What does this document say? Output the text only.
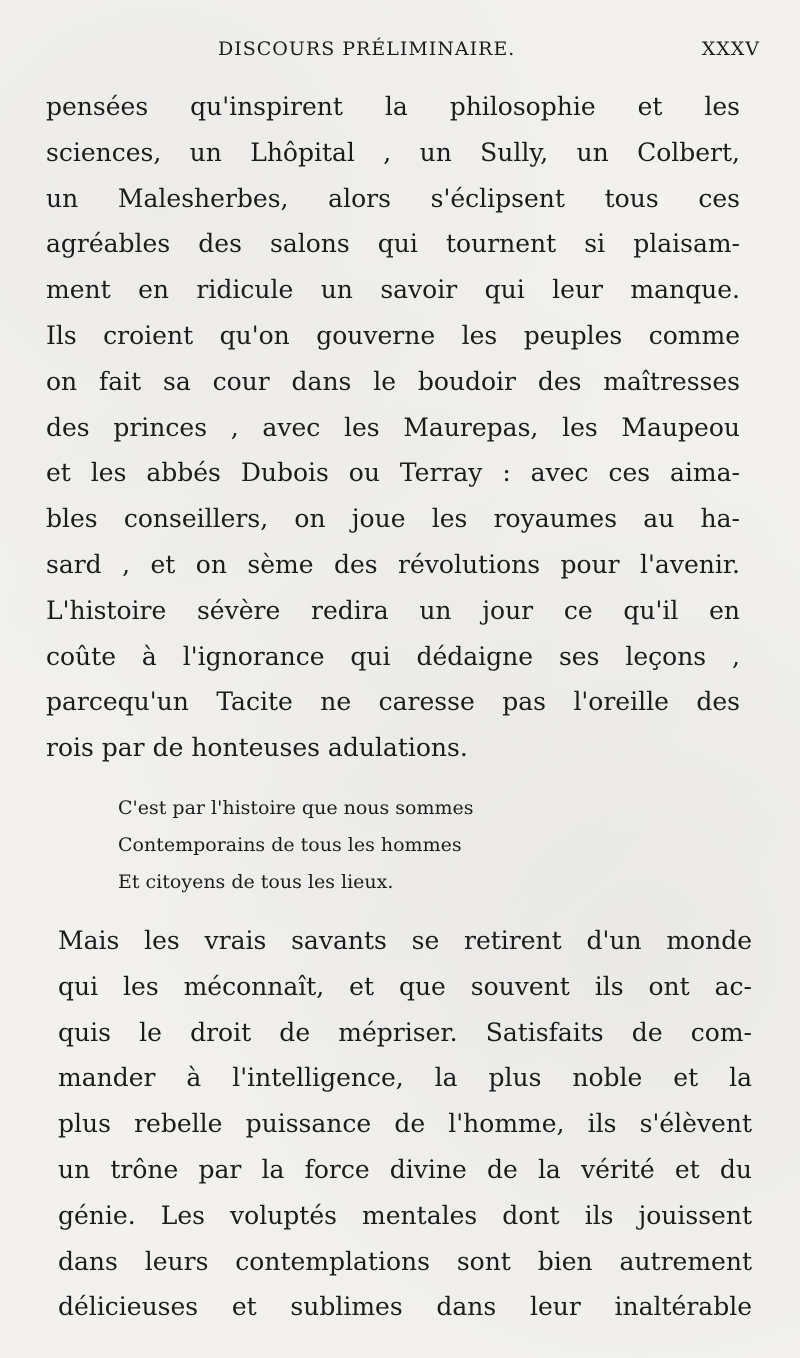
DISCOURS PRÉLIMINAIRE.	XXXV
pensées qu'inspirent la philosophie et les
sciences, un Lhôpital , un Sully, un Colbert,
un Malesherbes, alors s'éclipsent tous ces
agréables des salons qui tournent si plaisam-
ment en ridicule un savoir qui leur manque.
Ils croient qu'on gouverne les peuples comme
on fait sa cour dans le boudoir des maîtresses
des princes , avec les Maurepas, les Maupeou
et les abbés Dubois ou Terray : avec ces aima-
bles conseillers, on joue les royaumes au ha-
sard , et on sème des révolutions pour l'avenir.
L'histoire sévère redira un jour ce qu'il en
coûte à l'ignorance qui dédaigne ses leçons ,
parcequ'un Tacite ne caresse pas l'oreille des
rois par de honteuses adulations.
C'est par l'histoire que nous sommes
Contemporains de tous les hommes
Et citoyens de tous les lieux.
Mais les vrais savants se retirent d'un monde
qui les méconnaît, et que souvent ils ont ac-
quis le droit de mépriser. Satisfaits de com-
mander à l'intelligence, la plus noble et la
plus rebelle puissance de l'homme, ils s'élèvent
un trône par la force divine de la vérité et du
génie. Les voluptés mentales dont ils jouissent
dans leurs contemplations sont bien autrement
délicieuses et sublimes dans leur inaltérable
